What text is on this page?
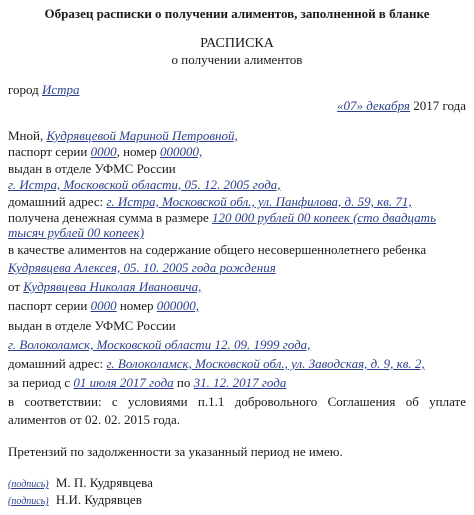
Образец расписки о получении алиментов, заполненной в бланке
РАСПИСКА
о получении алиментов
город Истра
«07» декабря 2017 года
Мной, Кудрявцевой Мариной Петровной,
паспорт серии 0000, номер 000000,
выдан в отделе УФМС России
г. Истра, Московской области, 05. 12. 2005 года,
домашний адрес: г. Истра, Московской обл., ул. Панфилова, д. 59, кв. 71,
получена денежная сумма в размере 120 000 рублей 00 копеек (сто двадцать
тысяч рублей 00 копеек)
в качестве алиментов на содержание общего несовершеннолетнего ребенка
Кудрявцева Алексея, 05. 10. 2005 года рождения
от Кудрявцева Николая Ивановича,
паспорт серии 0000 номер 000000,
выдан в отделе УФМС России
г. Волоколамск, Московской области 12. 09. 1999 года,
домашний адрес: г. Волоколамск, Московской обл., ул. Заводская, д. 9, кв. 2,
за период с 01 июля 2017 года по 31. 12. 2017 года
в соответствии: с условиями п.1.1 добровольного Соглашения об уплате
алиментов от 02. 02. 2015 года.
Претензий по задолженности за указанный период не имею.
(подпись) М. П. Кудрявцева
(подпись) Н.И. Кудрявцев
